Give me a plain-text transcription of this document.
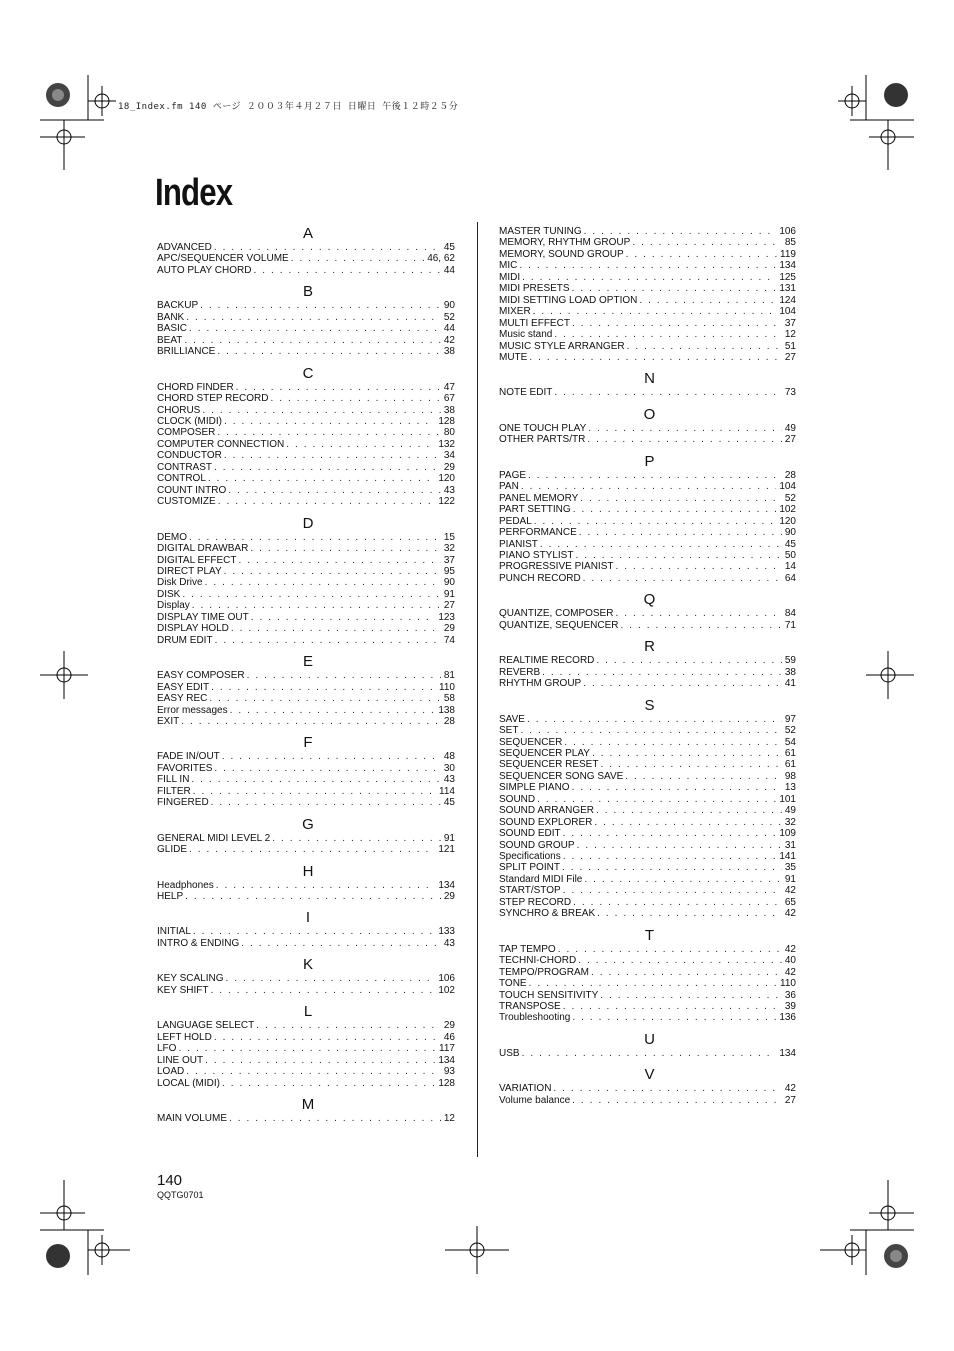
18_Index.fm 140 ページ ２００３年４月２７日 日曜日 午後１２時２５分
Index
A
ADVANCED . . .	45
APC/SEQUENCER VOLUME . . .	46, 62
AUTO PLAY CHORD . . .	44
B
BACKUP . . .	90
BANK . . .	52
BASIC . . .	44
BEAT . . .	42
BRILLIANCE . . .	38
C
CHORD FINDER . . .	47
CHORD STEP RECORD . . .	67
CHORUS . . .	38
CLOCK (MIDI) . . .	128
COMPOSER . . .	80
COMPUTER CONNECTION . . .	132
CONDUCTOR . . .	34
CONTRAST . . .	29
CONTROL . . .	120
COUNT INTRO . . .	43
CUSTOMIZE . . .	122
D
DEMO . . .	15
DIGITAL DRAWBAR . . .	32
DIGITAL EFFECT . . .	37
DIRECT PLAY . . .	95
Disk Drive . . .	90
DISK . . .	91
Display . . .	27
DISPLAY TIME OUT . . .	123
DISPLAY HOLD . . .	29
DRUM EDIT . . .	74
E
EASY COMPOSER . . .	81
EASY EDIT . . .	110
EASY REC . . .	58
Error messages . . .	138
EXIT . . .	28
F
FADE IN/OUT . . .	48
FAVORITES . . .	30
FILL IN . . .	43
FILTER . . .	114
FINGERED . . .	45
G
GENERAL MIDI LEVEL 2 . . .	91
GLIDE . . .	121
H
Headphones . . .	134
HELP . . .	29
I
INITIAL . . .	133
INTRO & ENDING . . .	43
K
KEY SCALING . . .	106
KEY SHIFT . . .	102
L
LANGUAGE SELECT . . .	29
LEFT HOLD . . .	46
LFO . . .	117
LINE OUT . . .	134
LOAD . . .	93
LOCAL (MIDI) . . .	128
M
MAIN VOLUME . . .	12
MASTER TUNING . . .	106
MEMORY, RHYTHM GROUP . . .	85
MEMORY, SOUND GROUP . . .	119
MIC . . .	134
MIDI . . .	125
MIDI PRESETS . . .	131
MIDI SETTING LOAD OPTION . . .	124
MIXER . . .	104
MULTI EFFECT . . .	37
Music stand . . .	12
MUSIC STYLE ARRANGER . . .	51
MUTE . . .	27
N
NOTE EDIT . . .	73
O
ONE TOUCH PLAY . . .	49
OTHER PARTS/TR . . .	27
P
PAGE . . .	28
PAN . . .	104
PANEL MEMORY . . .	52
PART SETTING . . .	102
PEDAL . . .	120
PERFORMANCE . . .	90
PIANIST . . .	45
PIANO STYLIST . . .	50
PROGRESSIVE PIANIST . . .	14
PUNCH RECORD . . .	64
Q
QUANTIZE, COMPOSER . . .	84
QUANTIZE, SEQUENCER . . .	71
R
REALTIME RECORD . . .	59
REVERB . . .	38
RHYTHM GROUP . . .	41
S
SAVE . . .	97
SET . . .	52
SEQUENCER . . .	54
SEQUENCER PLAY . . .	61
SEQUENCER RESET . . .	61
SEQUENCER SONG SAVE . . .	98
SIMPLE PIANO . . .	13
SOUND . . .	101
SOUND ARRANGER . . .	49
SOUND EXPLORER . . .	32
SOUND EDIT . . .	109
SOUND GROUP . . .	31
Specifications . . .	141
SPLIT POINT . . .	35
Standard MIDI File . . .	91
START/STOP . . .	42
STEP RECORD . . .	65
SYNCHRO & BREAK . . .	42
T
TAP TEMPO . . .	42
TECHNI-CHORD . . .	40
TEMPO/PROGRAM . . .	42
TONE . . .	110
TOUCH SENSITIVITY . . .	36
TRANSPOSE . . .	39
Troubleshooting . . .	136
U
USB . . .	134
V
VARIATION . . .	42
Volume balance . . .	27
140
QQTG0701
